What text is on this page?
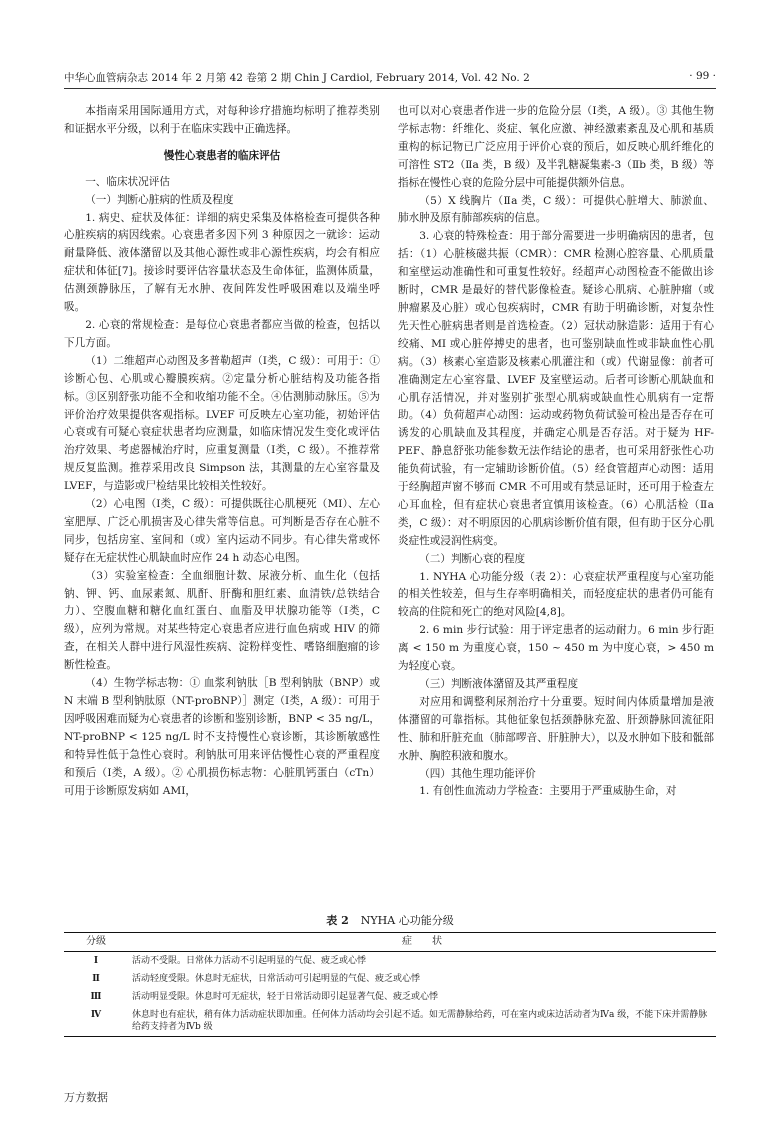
中华心血管病杂志 2014 年 2 月第 42 卷第 2 期 Chin J Cardiol, February 2014, Vol. 42 No. 2	· 99 ·

本指南采用国际通用方式，对每种诊疗措施均标明了推荐类别和证据水平分级，以利于在临床实践中正确选择。

慢性心衰患者的临床评估

一、临床状况评估

（一）判断心脏病的性质及程度

1. 病史、症状及体征：详细的病史采集及体格检查可提供各种心脏疾病的病因线索。心衰患者多因下列 3 种原因之一就诊：运动耐量降低、液体潴留以及其他心源性或非心源性疾病，均会有相应症状和体征[7]。接诊时要评估容量状态及生命体征，监测体质量，估测颈静脉压，了解有无水肿、夜间阵发性呼吸困难以及端坐呼吸。

2. 心衰的常规检查：是每位心衰患者都应当做的检查，包括以下几方面。

（1）二维超声心动图及多普勒超声（Ⅰ类，C 级）：可用于：①诊断心包、心肌或心瓣膜疾病。②定量分析心脏结构及功能各指标。③区别舒张功能不全和收缩功能不全。④估测肺动脉压。⑤为评价治疗效果提供客观指标。LVEF 可反映左心室功能，初始评估心衰或有可疑心衰症状患者均应测量，如临床情况发生变化或评估治疗效果、考虑器械治疗时，应重复测量（Ⅰ类，C 级）。不推荐常规反复监测。推荐采用改良 Simpson 法，其测量的左心室容量及 LVEF，与造影或尸检结果比较相关性较好。

（2）心电图（Ⅰ类，C 级）：可提供既往心肌梗死（MI）、左心室肥厚、广泛心肌损害及心律失常等信息。可判断是否存在心脏不同步，包括房室、室间和（或）室内运动不同步。有心律失常或怀疑存在无症状性心肌缺血时应作 24 h 动态心电图。

（3）实验室检查：全血细胞计数、尿液分析、血生化（包括钠、钾、钙、血尿素氮、肌酐、肝酶和胆红素、血清铁/总铁结合力）、空腹血糖和糖化血红蛋白、血脂及甲状腺功能等（Ⅰ类，C 级），应列为常规。对某些特定心衰患者应进行血色病或 HIV 的筛查，在相关人群中进行风湿性疾病、淀粉样变性、嗜铬细胞瘤的诊断性检查。

（4）生物学标志物：① 血浆利钠肽［B 型利钠肽（BNP）或 N 末端 B 型利钠肽原（NT-proBNP）］测定（Ⅰ类，A 级）：可用于因呼吸困难而疑为心衰患者的诊断和鉴别诊断，BNP < 35 ng/L，NT-proBNP < 125 ng/L 时不支持慢性心衰诊断，其诊断敏感性和特异性低于急性心衰时。利钠肽可用来评估慢性心衰的严重程度和预后（Ⅰ类，A 级）。② 心肌损伤标志物：心脏肌钙蛋白（cTn）可用于诊断原发病如 AMI，

也可以对心衰患者作进一步的危险分层（Ⅰ类，A 级）。③ 其他生物学标志物：纤维化、炎症、氧化应激、神经激素紊乱及心肌和基质重构的标记物已广泛应用于评价心衰的预后，如反映心肌纤维化的可溶性 ST2（Ⅱa 类，B 级）及半乳糖凝集素-3（Ⅱb 类，B 级）等指标在慢性心衰的危险分层中可能提供额外信息。

（5）X 线胸片（Ⅱa 类，C 级）：可提供心脏增大、肺淤血、肺水肿及原有肺部疾病的信息。

3. 心衰的特殊检查：用于部分需要进一步明确病因的患者，包括：（1）心脏核磁共振（CMR）：CMR 检测心腔容量、心肌质量和室壁运动准确性和可重复性较好。经超声心动图检查不能做出诊断时，CMR 是最好的替代影像检查。疑诊心肌病、心脏肿瘤（或肿瘤累及心脏）或心包疾病时，CMR 有助于明确诊断，对复杂性先天性心脏病患者则是首选检查。（2）冠状动脉造影：适用于有心绞痛、MI 或心脏停搏史的患者，也可鉴别缺血性或非缺血性心肌病。（3）核素心室造影及核素心肌灌注和（或）代谢显像：前者可准确测定左心室容量、LVEF 及室壁运动。后者可诊断心肌缺血和心肌存活情况，并对鉴别扩张型心肌病或缺血性心肌病有一定帮助。（4）负荷超声心动图：运动或药物负荷试验可检出是否存在可诱发的心肌缺血及其程度，并确定心肌是否存活。对于疑为 HF-PEF、静息舒张功能参数无法作结论的患者，也可采用舒张性心功能负荷试验，有一定辅助诊断价值。（5）经食管超声心动图：适用于经胸超声窗不够而 CMR 不可用或有禁忌证时，还可用于检查左心耳血栓，但有症状心衰患者宜慎用该检查。（6）心肌活检（Ⅱa 类，C 级）：对不明原因的心肌病诊断价值有限，但有助于区分心肌炎症性或浸润性病变。

（二）判断心衰的程度

1. NYHA 心功能分级（表 2）：心衰症状严重程度与心室功能的相关性较差，但与生存率明确相关，而轻度症状的患者仍可能有较高的住院和死亡的绝对风险[4,8]。

2. 6 min 步行试验：用于评定患者的运动耐力。6 min 步行距离 < 150 m 为重度心衰，150 ~ 450 m 为中度心衰，> 450 m 为轻度心衰。

（三）判断液体潴留及其严重程度

对应用和调整利尿剂治疗十分重要。短时间内体质量增加是液体潴留的可靠指标。其他征象包括颈静脉充盈、肝颈静脉回流征阳性、肺和肝脏充血（肺部啰音、肝脏肿大），以及水肿如下肢和骶部水肿、胸腔积液和腹水。

（四）其他生理功能评价

1. 有创性血流动力学检查：主要用于严重威胁生命，对

表 2 NYHA 心功能分级
分级	症　　状
Ⅰ	活动不受限。日常体力活动不引起明显的气促、疲乏或心悸
Ⅱ	活动轻度受限。休息时无症状，日常活动可引起明显的气促、疲乏或心悸
Ⅲ	活动明显受限。休息时可无症状，轻于日常活动即引起显著气促、疲乏或心悸
Ⅳ	休息时也有症状，稍有体力活动症状即加重。任何体力活动均会引起不适。如无需静脉给药，可在室内或床边活动者为Ⅳa 级，不能下床并需静脉给药支持者为Ⅳb 级
万方数据
